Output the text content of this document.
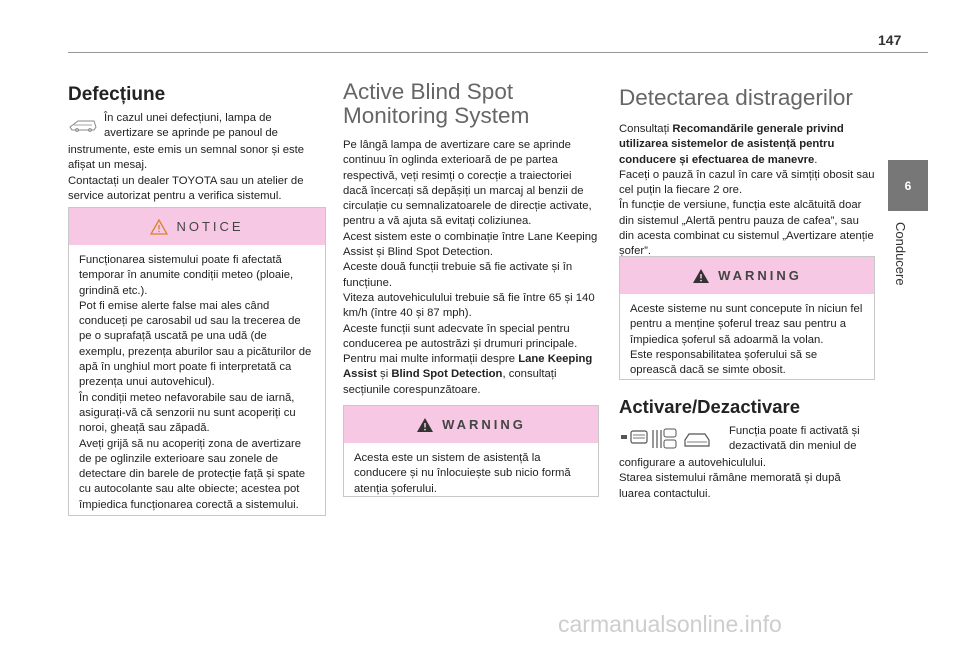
147
6
Conducere
Defecțiune

În cazul unei defecțiuni, lampa de

avertizare se aprinde pe panoul de

instrumente, este emis un semnal sonor și este afișat un mesaj.
Contactați un dealer TOYOTA sau un atelier de service autorizat pentru a verifica sistemul.

NOTICE

Funcționarea sistemului poate fi afectată temporar în anumite condiții meteo (ploaie, grindină etc.).
Pot fi emise alerte false mai ales când conduceți pe carosabil ud sau la trecerea de pe o suprafață uscată pe una udă (de exemplu, prezența aburilor sau a picăturilor de apă în unghiul mort poate fi interpretată ca prezența unui autovehicul).
În condiții meteo nefavorabile sau de iarnă, asigurați-vă că senzorii nu sunt acoperiți cu noroi, gheață sau zăpadă.
Aveți grijă să nu acoperiți zona de avertizare de pe oglinzile exterioare sau zonele de detectare din barele de protecție față și spate cu autocolante sau alte obiecte; acestea pot împiedica funcționarea corectă a sistemului.

Active Blind Spot
Monitoring System

Pe lângă lampa de avertizare care se aprinde continuu în oglinda exterioară de pe partea respectivă, veți resimți o corecție a traiectoriei dacă încercați să depășiți un marcaj al benzii de circulație cu semnalizatoarele de direcție activate, pentru a vă ajuta să evitați coliziunea.
Acest sistem este o combinație între Lane Keeping Assist și Blind Spot Detection.
Aceste două funcții trebuie să fie activate și în funcțiune.
Viteza autovehiculului trebuie să fie între 65 și 140 km/h (între 40 și 87 mph).
Aceste funcții sunt adecvate în special pentru conducerea pe autostrăzi și drumuri principale.
Pentru mai multe informații despre Lane Keeping Assist și Blind Spot Detection, consultați secțiunile corespunzătoare.

WARNING

Acesta este un sistem de asistență la conducere și nu înlocuiește sub nicio formă atenția șoferului.

Detectarea distragerilor

Consultați Recomandările generale privind utilizarea sistemelor de asistență pentru conducere și efectuarea de manevre.
Faceți o pauză în cazul în care vă simțiți obosit sau cel puțin la fiecare 2 ore.
În funcție de versiune, funcția este alcătuită doar din sistemul „Alertă pentru pauza de cafea”, sau din acesta combinat cu sistemul „Avertizare atenție șofer”.

WARNING

Aceste sisteme nu sunt concepute în niciun fel pentru a menține șoferul treaz sau pentru a împiedica șoferul să adoarmă la volan.
Este responsabilitatea șoferului să se oprească dacă se simte obosit.

Activare/Dezactivare

Funcția poate fi activată și

dezactivată din meniul de

configurare a autovehiculului.
Starea sistemului rămâne memorată și după luarea contactului.

carmanualsonline.info
